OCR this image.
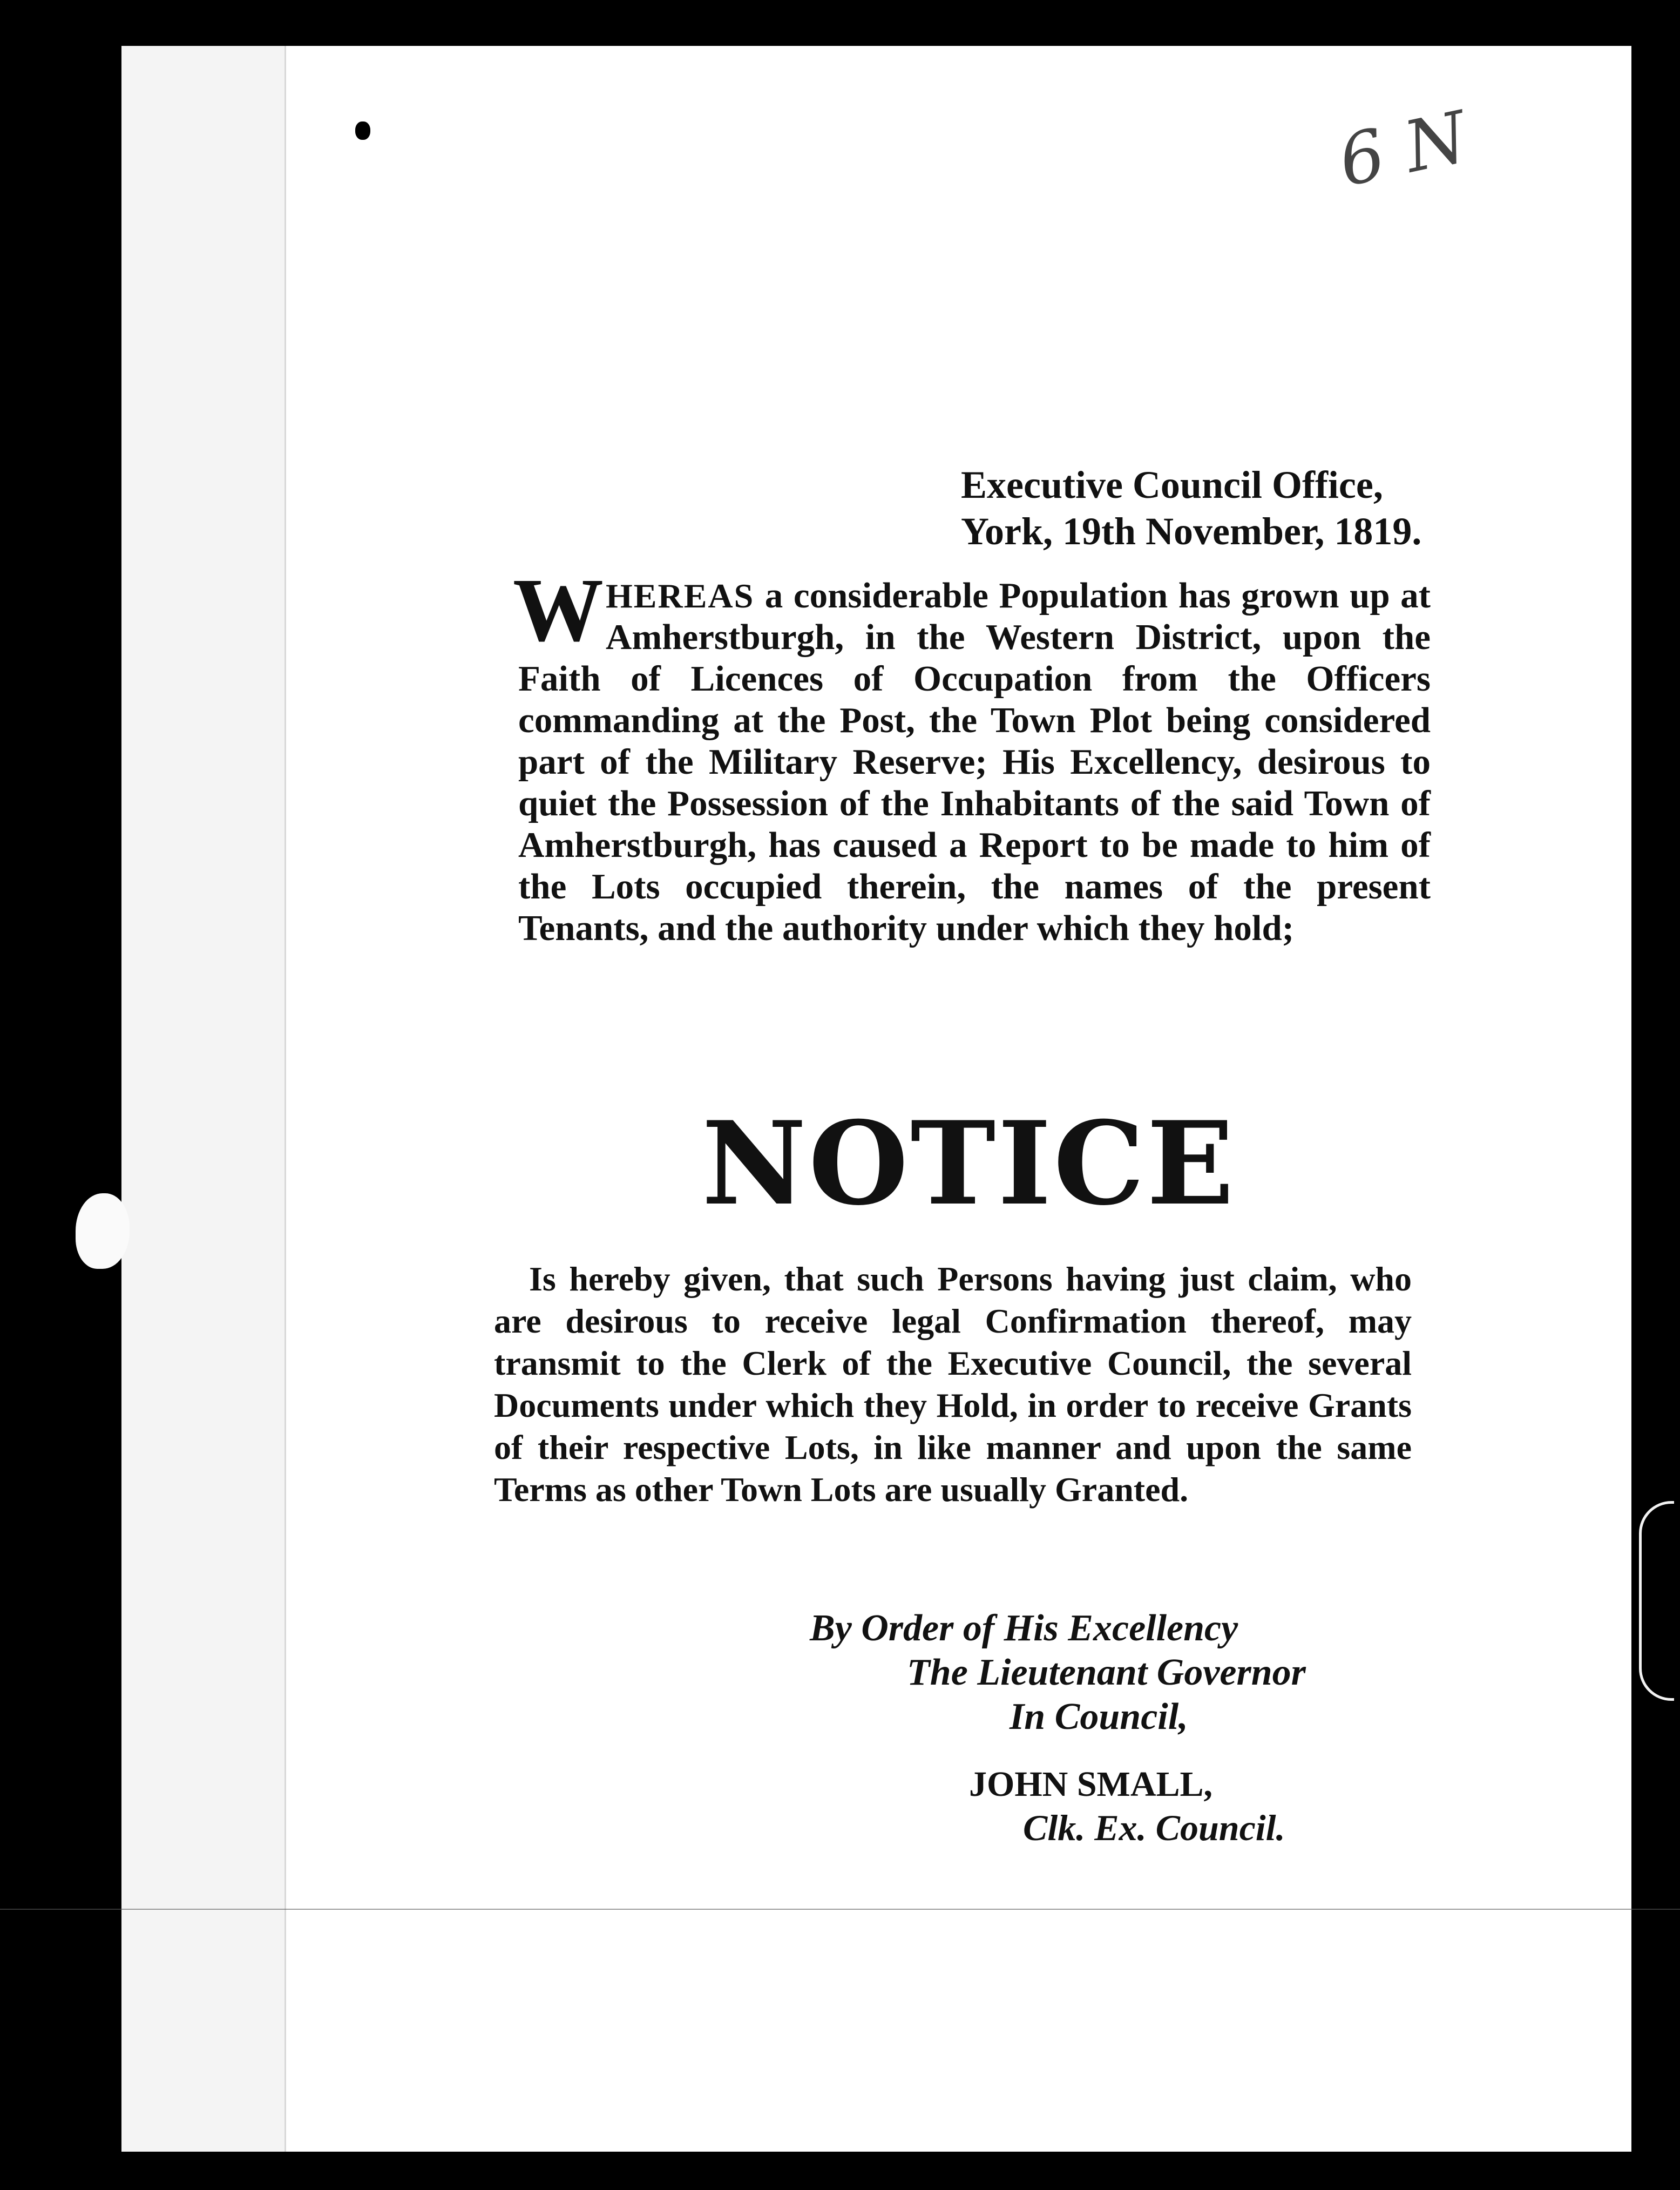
6 N
Executive Council Office,
York, 19th November, 1819.
WHEREAS a considerable Population has grown up at Amherstburgh, in the Western District, upon the Faith of Licences of Occupation from the Officers commanding at the Post, the Town Plot being considered part of the Military Reserve; His Excellency, desirous to quiet the Possession of the Inhabitants of the said Town of Amherstburgh, has caused a Report to be made to him of the Lots occupied therein, the names of the present Tenants, and the authority under which they hold;
NOTICE
Is hereby given, that such Persons having just claim, who are desirous to receive legal Confirmation thereof, may transmit to the Clerk of the Executive Council, the several Documents under which they Hold, in order to receive Grants of their respective Lots, in like manner and upon the same Terms as other Town Lots are usually Granted.
By Order of His Excellency
The Lieutenant Governor
In Council,
JOHN SMALL,
Clk. Ex. Council.
